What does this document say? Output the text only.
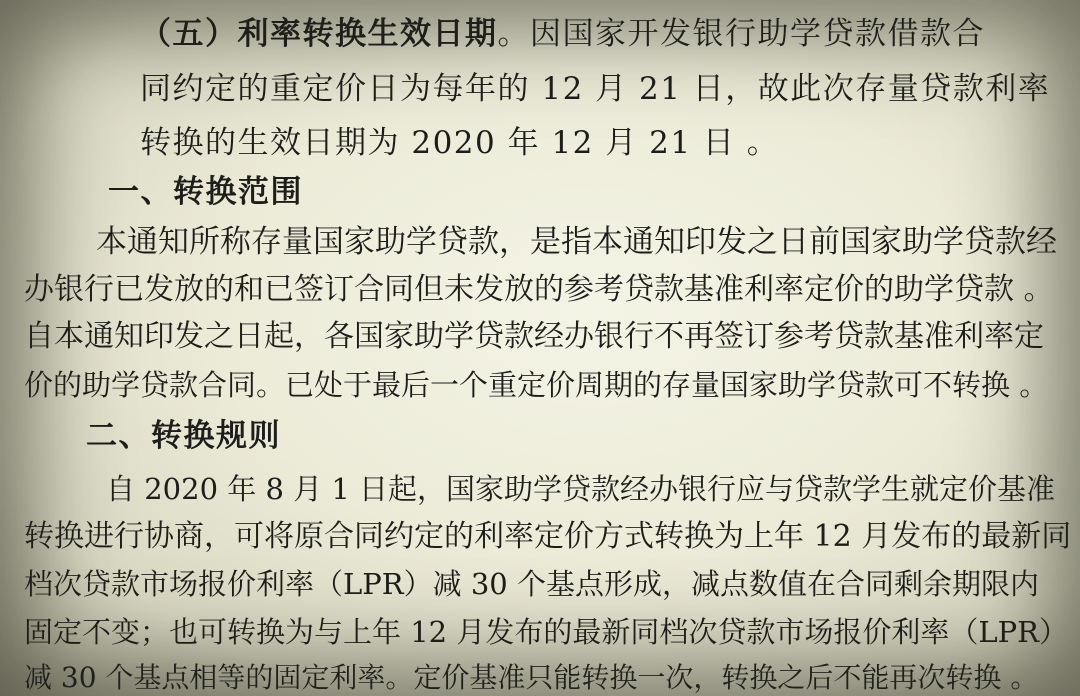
（五）利率转换生效日期。因国家开发银行助学贷款借款合
同约定的重定价日为每年的 12 月 21 日，故此次存量贷款利率
转换的生效日期为 2020 年 12 月 21 日 。
一、转换范围
本通知所称存量国家助学贷款，是指本通知印发之日前国家助学贷款经
办银行已发放的和已签订合同但未发放的参考贷款基准利率定价的助学贷款 。
自本通知印发之日起，各国家助学贷款经办银行不再签订参考贷款基准利率定
价的助学贷款合同。已处于最后一个重定价周期的存量国家助学贷款可不转换 。
二、转换规则
自 2020 年 8 月 1 日起，国家助学贷款经办银行应与贷款学生就定价基准
转换进行协商，可将原合同约定的利率定价方式转换为上年 12 月发布的最新同
档次贷款市场报价利率（LPR）减 30 个基点形成，减点数值在合同剩余期限内
固定不变；也可转换为与上年 12 月发布的最新同档次贷款市场报价利率（LPR）
减 30 个基点相等的固定利率。定价基准只能转换一次，转换之后不能再次转换 。
